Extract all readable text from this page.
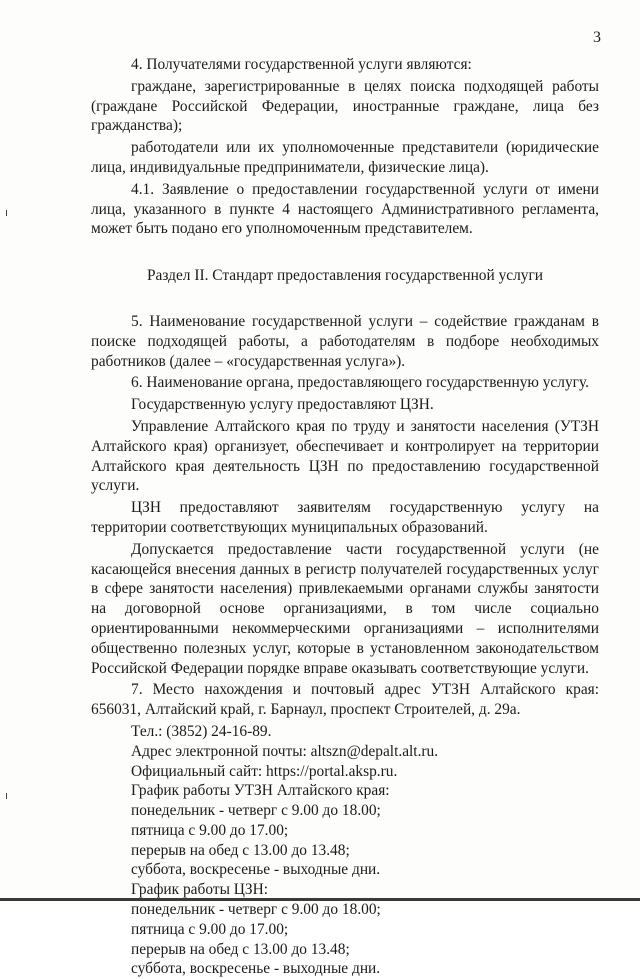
3

4. Получателями государственной услуги являются:

граждане, зарегистрированные в целях поиска подходящей работы (граждане Российской Федерации, иностранные граждане, лица без гражданства);

работодатели или их уполномоченные представители (юридические лица, индивидуальные предприниматели, физические лица).

4.1. Заявление о предоставлении государственной услуги от имени лица, указанного в пункте 4 настоящего Административного регламента, может быть подано его уполномоченным представителем.

Раздел II. Стандарт предоставления государственной услуги

5. Наименование государственной услуги – содействие гражданам в поиске подходящей работы, а работодателям в подборе необходимых работников (далее – «государственная услуга»).

6. Наименование органа, предоставляющего государственную услугу.

Государственную услугу предоставляют ЦЗН.

Управление Алтайского края по труду и занятости населения (УТЗН Алтайского края) организует, обеспечивает и контролирует на территории Алтайского края деятельность ЦЗН по предоставлению государственной услуги.

ЦЗН предоставляют заявителям государственную услугу на территории соответствующих муниципальных образований.

Допускается предоставление части государственной услуги (не касающейся внесения данных в регистр получателей государственных услуг в сфере занятости населения) привлекаемыми органами службы занятости на договорной основе организациями, в том числе социально ориентированными некоммерческими организациями – исполнителями общественно полезных услуг, которые в установленном законодательством Российской Федерации порядке вправе оказывать соответствующие услуги.

7. Место нахождения и почтовый адрес УТЗН Алтайского края: 656031, Алтайский край, г. Барнаул, проспект Строителей, д. 29а.

Тел.: (3852) 24-16-89.

Адрес электронной почты: altszn@depalt.alt.ru.

Официальный сайт: https://portal.aksp.ru.

График работы УТЗН Алтайского края:

понедельник - четверг с 9.00 до 18.00;

пятница с 9.00 до 17.00;

перерыв на обед с 13.00 до 13.48;

суббота, воскресенье - выходные дни.

График работы ЦЗН:

понедельник - четверг с 9.00 до 18.00;

пятница с 9.00 до 17.00;

перерыв на обед с 13.00 до 13.48;

суббота, воскресенье - выходные дни.
